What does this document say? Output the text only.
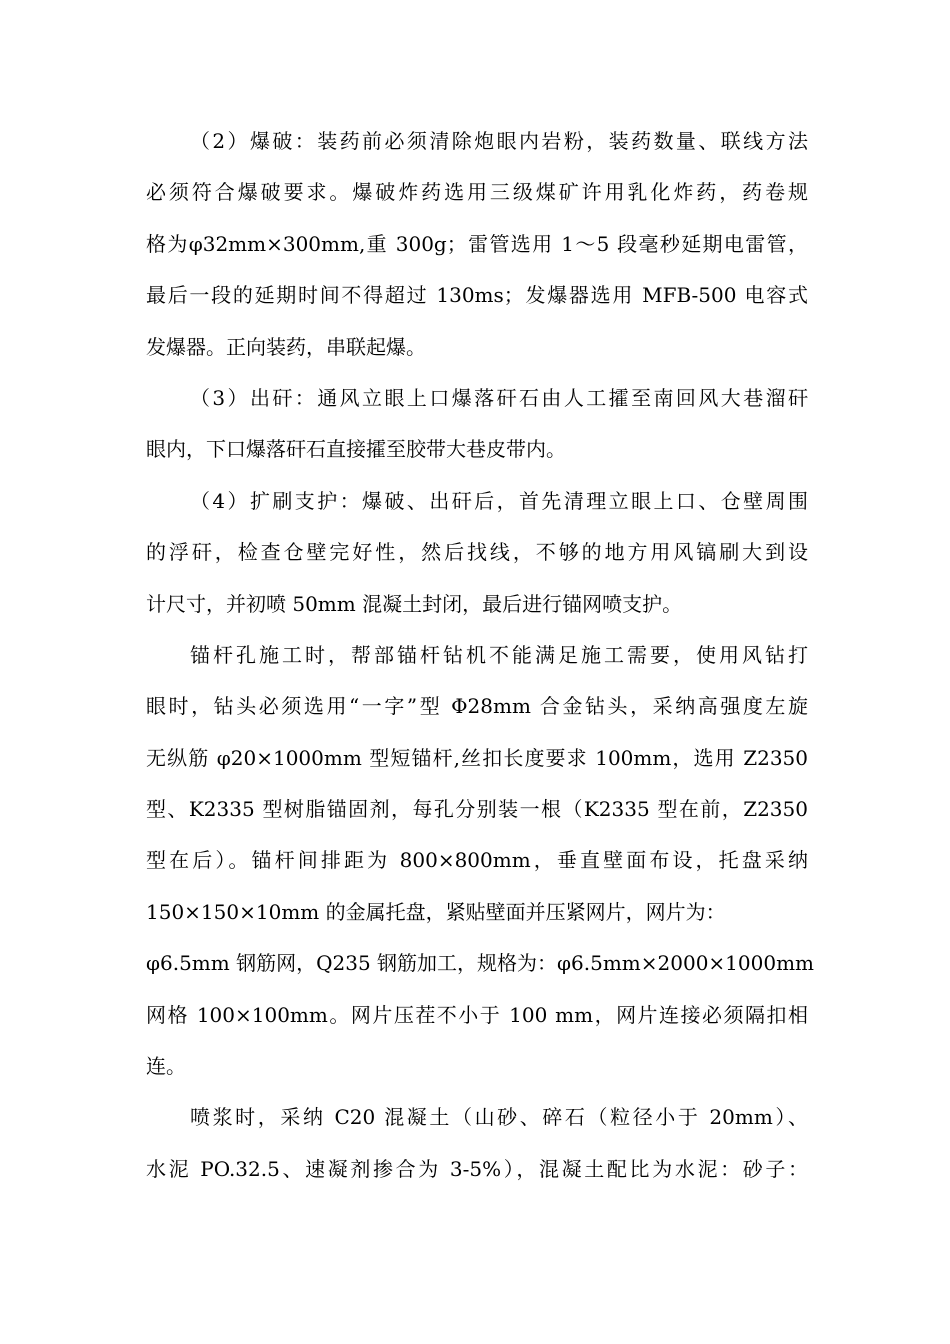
（2）爆破：装药前必须清除炮眼内岩粉，装药数量、联线方法
必须符合爆破要求。爆破炸药选用三级煤矿许用乳化炸药，药卷规
格为φ32mm×300mm,重 300g；雷管选用 1～5 段毫秒延期电雷管，
最后一段的延期时间不得超过 130ms；发爆器选用 MFB-500 电容式
发爆器。正向装药，串联起爆。
（3）出矸：通风立眼上口爆落矸石由人工攉至南回风大巷溜矸
眼内，下口爆落矸石直接攉至胶带大巷皮带内。
（4）扩刷支护：爆破、出矸后，首先清理立眼上口、仓壁周围
的浮矸，检查仓壁完好性，然后找线，不够的地方用风镐刷大到设
计尺寸，并初喷 50mm 混凝土封闭，最后进行锚网喷支护。
锚杆孔施工时，帮部锚杆钻机不能满足施工需要，使用风钻打
眼时，钻头必须选用“一字”型 Φ28mm 合金钻头，采纳高强度左旋
无纵筋 φ20×1000mm 型短锚杆,丝扣长度要求 100mm，选用 Z2350
型、K2335 型树脂锚固剂，每孔分别装一根（K2335 型在前，Z2350
型在后）。锚杆间排距为 800×800mm，垂直壁面布设，托盘采纳
150×150×10mm 的金属托盘，紧贴壁面并压紧网片，网片为：
φ6.5mm 钢筋网，Q235 钢筋加工，规格为：φ6.5mm×2000×1000mm
网格 100×100mm。网片压茬不小于 100 mm，网片连接必须隔扣相
连。
喷浆时，采纳 C20 混凝土（山砂、碎石（粒径小于 20mm）、
水泥 PO.32.5、速凝剂掺合为 3-5%），混凝土配比为水泥：砂子：
